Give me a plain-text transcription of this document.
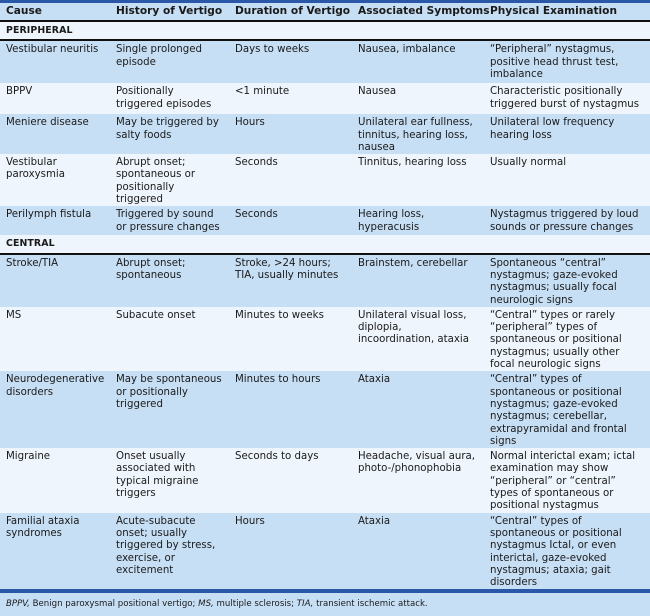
Cause	History of Vertigo	Duration of Vertigo	Associated Symptoms	Physical Examination
PERIPHERAL				
Vestibular neuritis	Single prolonged episode	Days to weeks	Nausea, imbalance	“Peripheral” nystagmus, positive head thrust test, imbalance
BPPV	Positionally triggered episodes	<1 minute	Nausea	Characteristic positionally triggered burst of nystagmus
Meniere disease	May be triggered by salty foods	Hours	Unilateral ear fullness, tinnitus, hearing loss, nausea	Unilateral low frequency hearing loss
Vestibular paroxysmia	Abrupt onset; spontaneous or positionally triggered	Seconds	Tinnitus, hearing loss	Usually normal
Perilymph fistula	Triggered by sound or pressure changes	Seconds	Hearing loss, hyperacusis	Nystagmus triggered by loud sounds or pressure changes
CENTRAL				
Stroke/TIA	Abrupt onset; spontaneous	Stroke, >24 hours; TIA, usually minutes	Brainstem, cerebellar	Spontaneous “central” nystagmus; gaze-evoked nystagmus; usually focal neurologic signs
MS	Subacute onset	Minutes to weeks	Unilateral visual loss, diplopia, incoordination, ataxia	“Central” types or rarely “peripheral” types of spontaneous or positional nystagmus; usually other focal neurologic signs
Neurodegenerative disorders	May be spontaneous or positionally triggered	Minutes to hours	Ataxia	“Central” types of spontaneous or positional nystagmus; gaze-evoked nystagmus; cerebellar, extrapyramidal and frontal signs
Migraine	Onset usually associated with typical migraine triggers	Seconds to days	Headache, visual aura, photo-/phonophobia	Normal interictal exam; ictal examination may show “peripheral” or “central” types of spontaneous or positional nystagmus
Familial ataxia syndromes	Acute-subacute onset; usually triggered by stress, exercise, or excitement	Hours	Ataxia	“Central” types of spontaneous or positional nystagmus Ictal, or even interictal, gaze-evoked nystagmus; ataxia; gait disorders
BPPV, Benign paroxysmal positional vertigo; MS, multiple sclerosis; TIA, transient ischemic attack.
